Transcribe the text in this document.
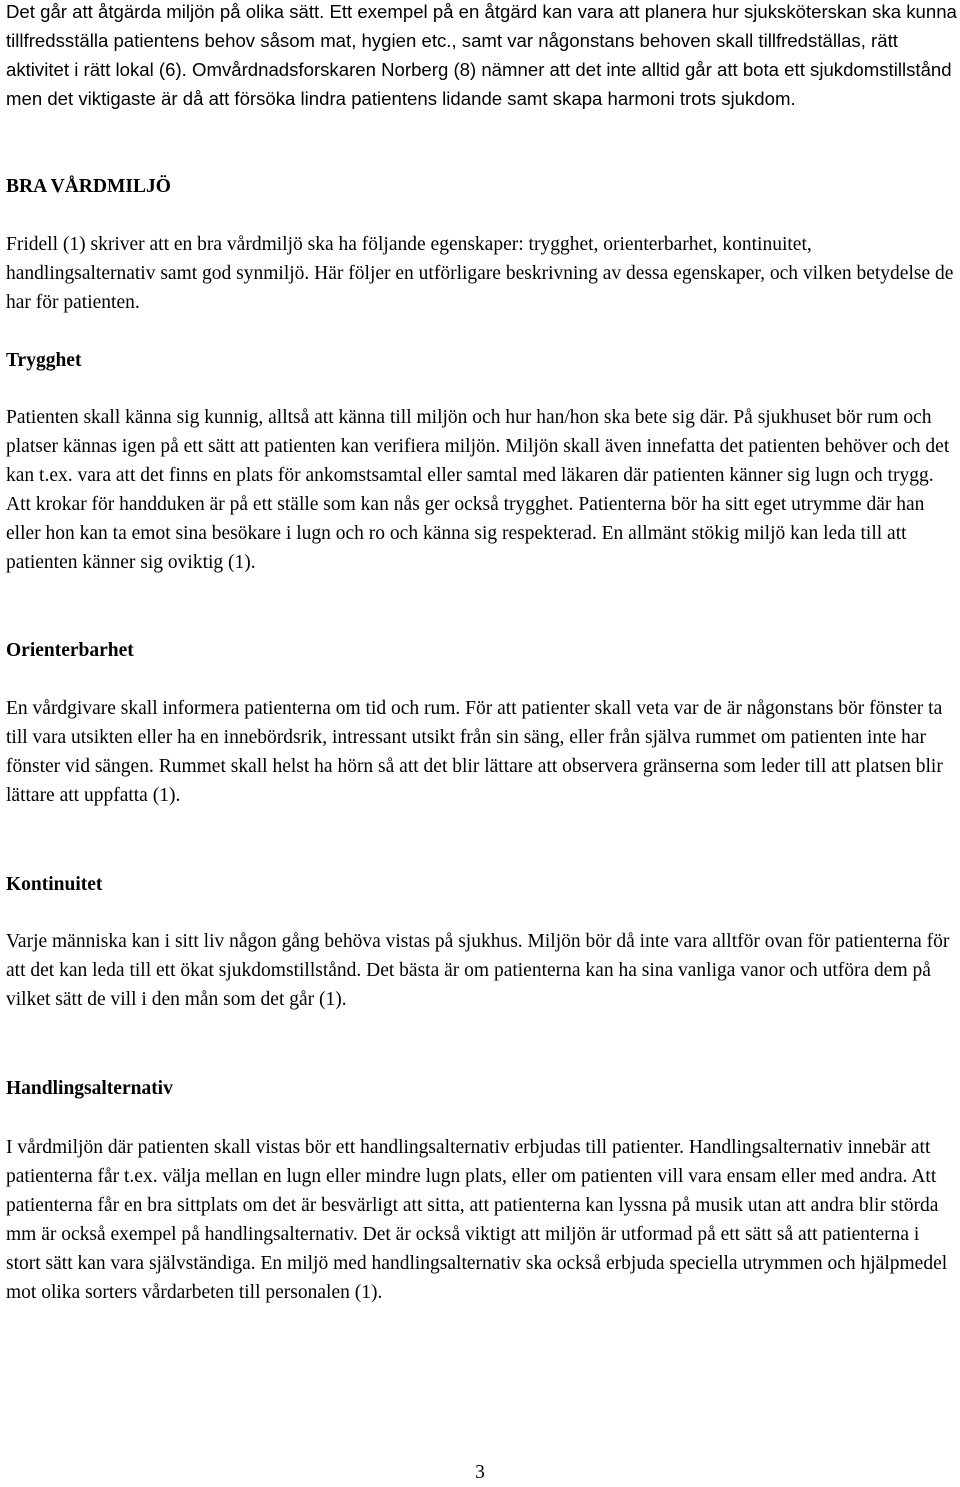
Det går att åtgärda miljön på olika sätt. Ett exempel på en åtgärd kan vara att planera hur sjuksköterskan ska kunna tillfredsställa patientens behov såsom mat, hygien etc., samt var någonstans behoven skall tillfredställas, rätt aktivitet i rätt lokal (6). Omvårdnadsforskaren Norberg (8) nämner att det inte alltid går att bota ett sjukdomstillstånd men det viktigaste är då att försöka lindra patientens lidande samt skapa harmoni trots sjukdom.

BRA VÅRDMILJÖ

Fridell (1) skriver att en bra vårdmiljö ska ha följande egenskaper: trygghet, orienterbarhet, kontinuitet, handlingsalternativ samt god synmiljö. Här följer en utförligare beskrivning av dessa egenskaper, och vilken betydelse de har för patienten.

Trygghet

Patienten skall känna sig kunnig, alltså att känna till miljön och hur han/hon ska bete sig där. På sjukhuset bör rum och platser kännas igen på ett sätt att patienten kan verifiera miljön. Miljön skall även innefatta det patienten behöver och det kan t.ex. vara att det finns en plats för ankomstsamtal eller samtal med läkaren där patienten känner sig lugn och trygg. Att krokar för handduken är på ett ställe som kan nås ger också trygghet. Patienterna bör ha sitt eget utrymme där han eller hon kan ta emot sina besökare i lugn och ro och känna sig respekterad. En allmänt stökig miljö kan leda till att patienten känner sig oviktig (1).

Orienterbarhet

En vårdgivare skall informera patienterna om tid och rum. För att patienter skall veta var de är någonstans bör fönster ta till vara utsikten eller ha en innebördsrik, intressant utsikt från sin säng, eller från själva rummet om patienten inte har fönster vid sängen. Rummet skall helst ha hörn så att det blir lättare att observera gränserna som leder till att platsen blir lättare att uppfatta (1).

Kontinuitet

Varje människa kan i sitt liv någon gång behöva vistas på sjukhus. Miljön bör då inte vara alltför ovan för patienterna för att det kan leda till ett ökat sjukdomstillstånd. Det bästa är om patienterna kan ha sina vanliga vanor och utföra dem på vilket sätt de vill i den mån som det går (1).

Handlingsalternativ

I vårdmiljön där patienten skall vistas bör ett handlingsalternativ erbjudas till patienter. Handlingsalternativ innebär att patienterna får t.ex. välja mellan en lugn eller mindre lugn plats, eller om patienten vill vara ensam eller med andra. Att patienterna får en bra sittplats om det är besvärligt att sitta, att patienterna kan lyssna på musik utan att andra blir störda mm är också exempel på handlingsalternativ. Det är också viktigt att miljön är utformad på ett sätt så att patienterna i stort sätt kan vara självständiga. En miljö med handlingsalternativ ska också erbjuda speciella utrymmen och hjälpmedel mot olika sorters vårdarbeten till personalen (1).

3
